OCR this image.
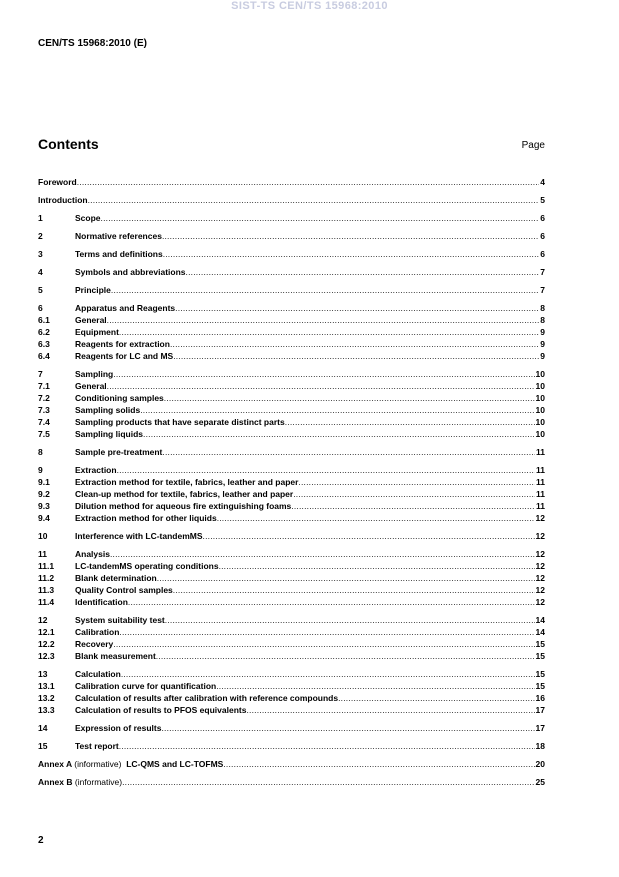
SIST-TS CEN/TS 15968:2010
CEN/TS 15968:2010 (E)
Contents	Page
Foreword .....	4
Introduction .....	5
1	Scope .....	6
2	Normative references .....	6
3	Terms and definitions .....	6
4	Symbols and abbreviations .....	7
5	Principle .....	7
6	Apparatus and Reagents .....	8
6.1	General .....	8
6.2	Equipment .....	9
6.3	Reagents for extraction .....	9
6.4	Reagents for LC and MS .....	9
7	Sampling .....	10
7.1	General .....	10
7.2	Conditioning samples .....	10
7.3	Sampling solids .....	10
7.4	Sampling products that have separate distinct parts .....	10
7.5	Sampling liquids .....	10
8	Sample pre-treatment .....	11
9	Extraction .....	11
9.1	Extraction method for textile, fabrics, leather and paper .....	11
9.2	Clean-up method for textile, fabrics, leather and paper .....	11
9.3	Dilution method for aqueous fire extinguishing foams .....	11
9.4	Extraction method for other liquids .....	12
10	Interference with LC-tandemMS .....	12
11	Analysis .....	12
11.1	LC-tandemMS operating conditions .....	12
11.2	Blank determination .....	12
11.3	Quality Control samples .....	12
11.4	Identification .....	12
12	System suitability test .....	14
12.1	Calibration .....	14
12.2	Recovery .....	15
12.3	Blank measurement .....	15
13	Calculation .....	15
13.1	Calibration curve for quantification .....	15
13.2	Calculation of results after calibration with reference compounds .....	16
13.3	Calculation of results to PFOS equivalents .....	17
14	Expression of results .....	17
15	Test report .....	18
Annex A (informative) LC-QMS and LC-TOFMS .....	20
Annex B (informative) .....	25
2
